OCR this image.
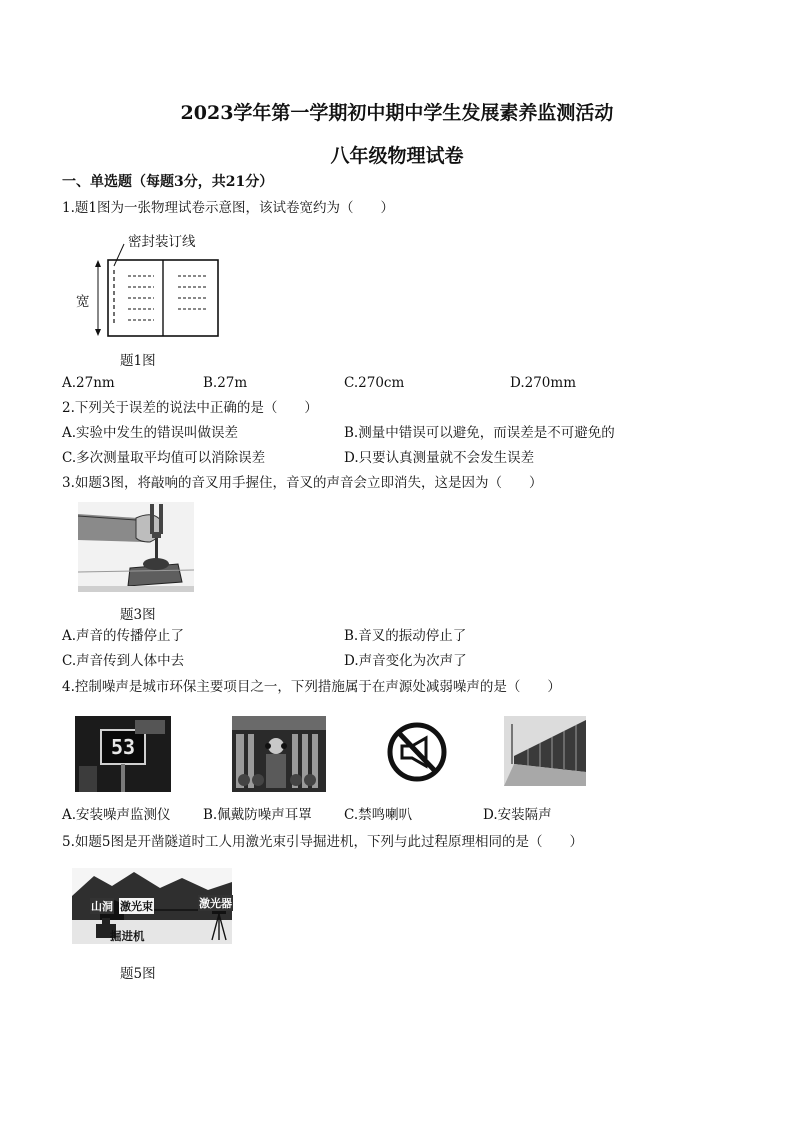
2023学年第一学期初中期中学生发展素养监测活动
八年级物理试卷
一、单选题（每题3分，共21分）
1.题1图为一张物理试卷示意图，该试卷宽约为（　　）
密封装订线
宽
题1图
A.27nm	B.27m	C.270cm	D.270mm
2.下列关于误差的说法中正确的是（　　）
A.实验中发生的错误叫做误差	B.测量中错误可以避免，而误差是不可避免的
C.多次测量取平均值可以消除误差	D.只要认真测量就不会发生误差
3.如题3图，将敲响的音叉用手握住，音叉的声音会立即消失，这是因为（　　）
题3图
A.声音的传播停止了	B.音叉的振动停止了
C.声音传到人体中去	D.声音变化为次声了
4.控制噪声是城市环保主要项目之一，下列措施属于在声源处减弱噪声的是（　　）
53
A.安装噪声监测仪 B.佩戴防噪声耳罩 C.禁鸣喇叭	D.安装隔声
5.如题5图是开凿隧道时工人用激光束引导掘进机，下列与此过程原理相同的是（　　）
山洞 激光束	激光器
掘进机
题5图
